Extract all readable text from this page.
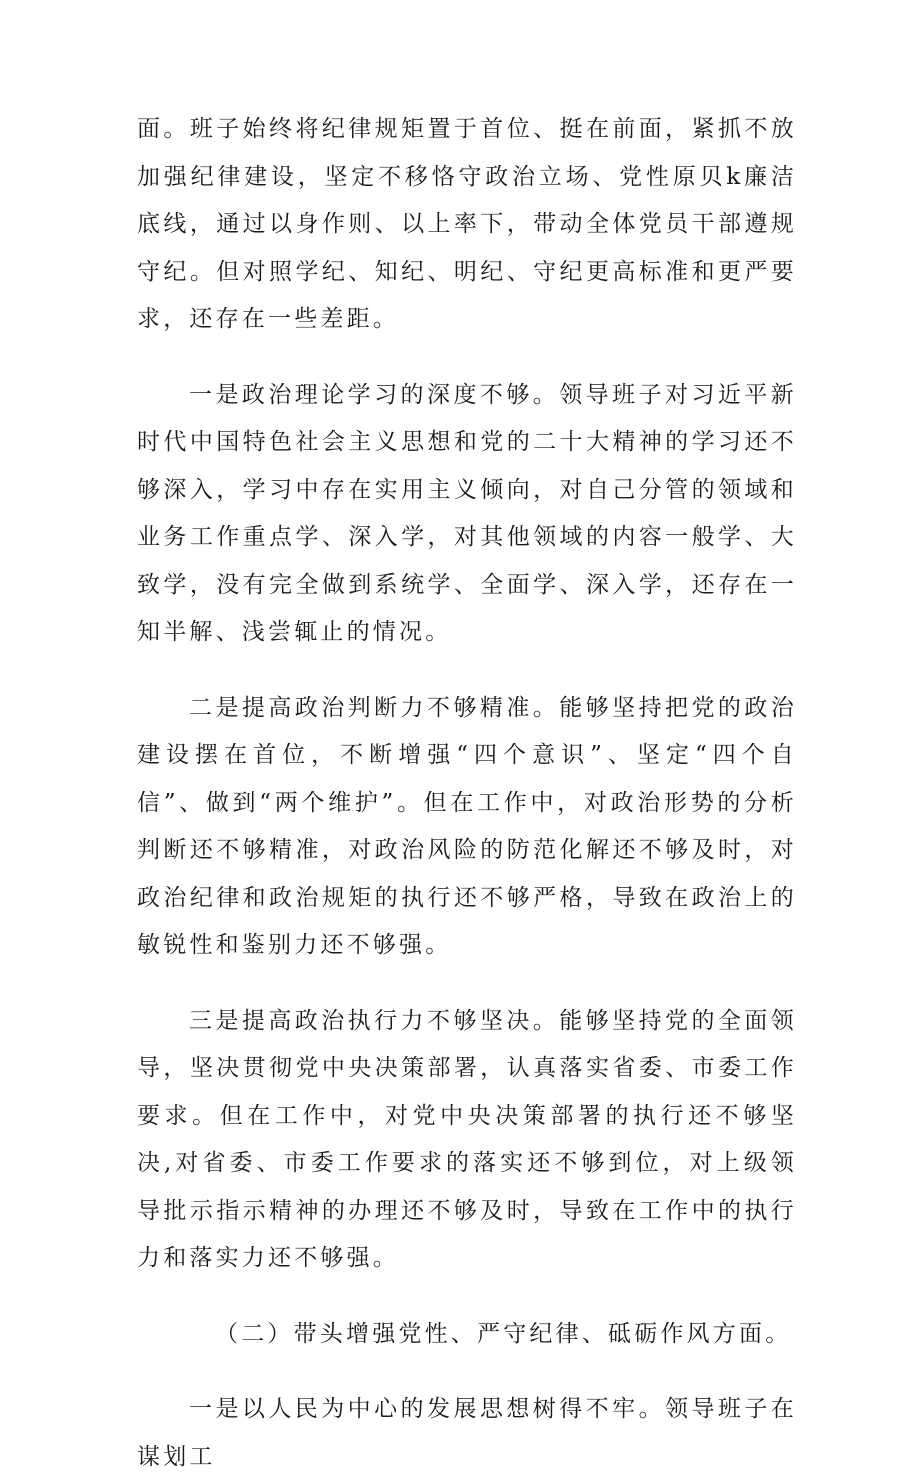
面。班子始终将纪律规矩置于首位、挺在前面，紧抓不放加强纪律建设，坚定不移恪守政治立场、党性原贝k廉洁底线，通过以身作则、以上率下，带动全体党员干部遵规守纪。但对照学纪、知纪、明纪、守纪更高标准和更严要求，还存在一些差距。

一是政治理论学习的深度不够。领导班子对习近平新时代中国特色社会主义思想和党的二十大精神的学习还不够深入，学习中存在实用主义倾向，对自己分管的领域和业务工作重点学、深入学，对其他领域的内容一般学、大致学，没有完全做到系统学、全面学、深入学，还存在一知半解、浅尝辄止的情况。

二是提高政治判断力不够精准。能够坚持把党的政治建设摆在首位，不断增强“四个意识”、坚定“四个自信”、做到“两个维护”。但在工作中，对政治形势的分析判断还不够精准，对政治风险的防范化解还不够及时，对政治纪律和政治规矩的执行还不够严格，导致在政治上的敏锐性和鉴别力还不够强。

三是提高政治执行力不够坚决。能够坚持党的全面领导，坚决贯彻党中央决策部署，认真落实省委、市委工作要求。但在工作中，对党中央决策部署的执行还不够坚决,对省委、市委工作要求的落实还不够到位，对上级领导批示指示精神的办理还不够及时，导致在工作中的执行力和落实力还不够强。

（二）带头增强党性、严守纪律、砥砺作风方面。

一是以人民为中心的发展思想树得不牢。领导班子在谋划工
